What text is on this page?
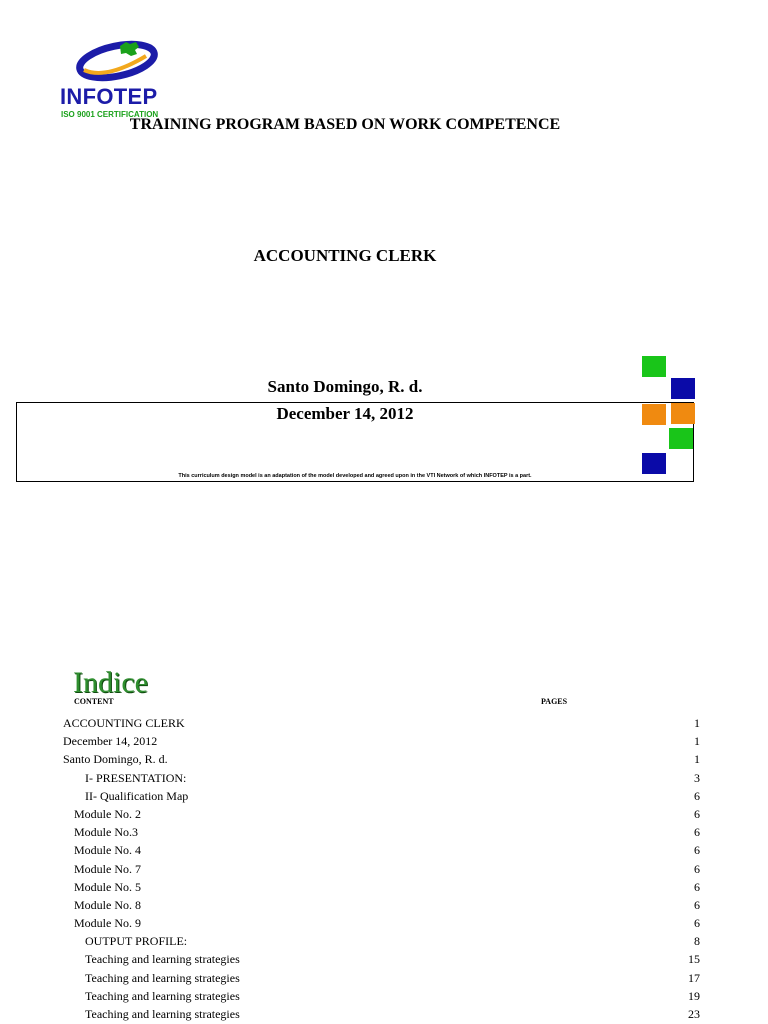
INFOTEP
ISO 9001 CERTIFICATION
TRAINING PROGRAM BASED ON WORK COMPETENCE
ACCOUNTING CLERK
Santo Domingo, R. d.
December 14, 2012
This curriculum design model is an adaptation of the model developed and agreed upon in the VTI Network of which INFOTEP is a part.
Indice
CONTENT	PAGES
ACCOUNTING CLERK	1
December 14, 2012	1
Santo Domingo, R. d.	1
I- PRESENTATION:	3
II- Qualification Map	6
Module No. 2	6
Module No.3	6
Module No. 4	6
Module No. 7	6
Module No. 5	6
Module No. 8	6
Module No. 9	6
OUTPUT PROFILE:	8
Teaching and learning strategies	15
Teaching and learning strategies	17
Teaching and learning strategies	19
Teaching and learning strategies	23
